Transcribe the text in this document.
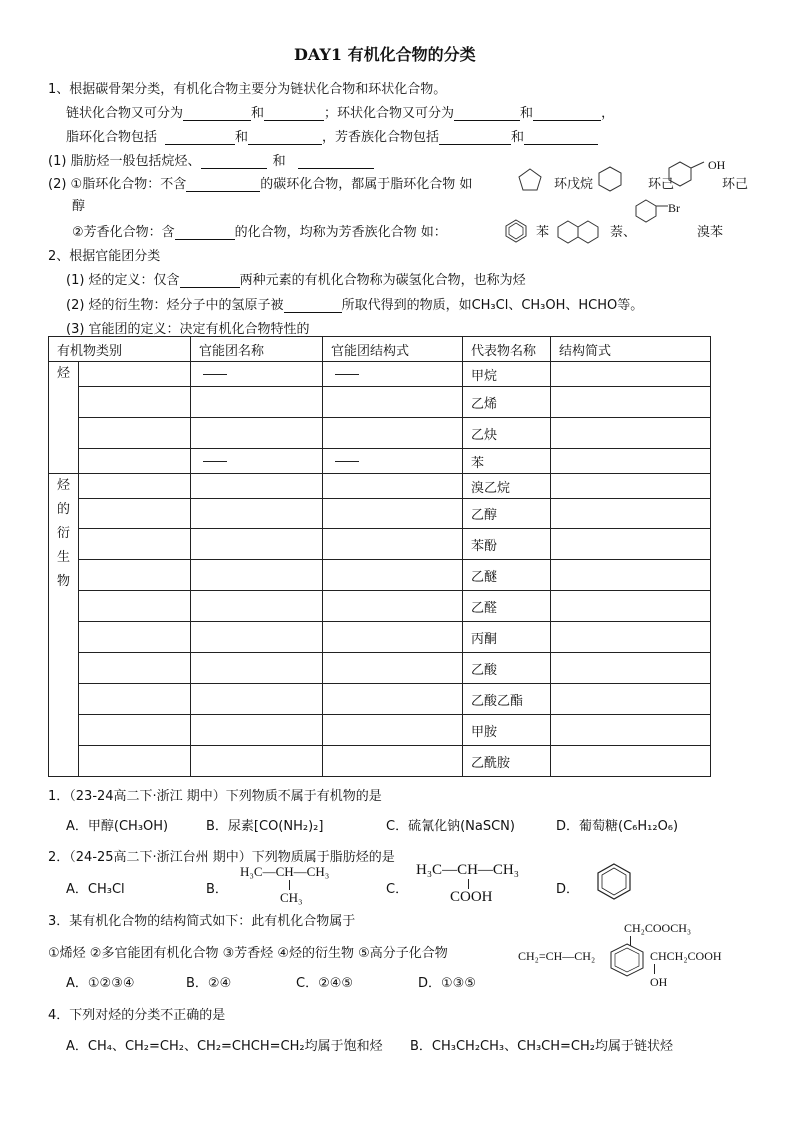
DAY1 有机化合物的分类
1、根据碳骨架分类，有机化合物主要分为链状化合物和环状化合物。
链状化合物又可分为	和	；环状化合物又可分为	和	，
脂环化合物包括	和	，芳香族化合物包括	和
(1) 脂肪烃一般包括烷烃、	和
(2) ①脂环化合物：不含	的碳环化合物，都属于脂环化合物 如	环戊烷	环己
OH
环己
醇
②芳香化合物：含	的化合物，均称为芳香族化合物 如：	苯	萘、
Br
溴苯
2、根据官能团分类
(1) 烃的定义：仅含	两种元素的有机化合物称为碳氢化合物，也称为烃
(2) 烃的衍生物：烃分子中的氢原子被	所取代得到的物质，如CH₃Cl、CH₃OH、HCHO等。
(3) 官能团的定义：决定有机化合物特性的
有机物类别		官能团名称	官能团结构式	代表物名称	结构简式
烃				甲烷	
				乙烯	
				乙炔	
				苯	

烃的衍生物				溴乙烷	
				乙醇	
				苯酚	
				乙醚	
				乙醛	
				丙酮	
				乙酸	
				乙酸乙酯	
				甲胺	
				乙酰胺	
1．（23-24高二下·浙江 期中）下列物质不属于有机物的是
A．甲醇(CH₃OH)	B．尿素[CO(NH₂)₂]	C．硫氰化钠(NaSCN)	D．葡萄糖(C₆H₁₂O₆)
2．（24-25高二下·浙江台州 期中）下列物质属于脂肪烃的是
A．CH₃Cl	B．
H₃C—CH—CH₃
CH₃
C．
H₃C—CH—CH₃
COOH	D．
3．某有机化合物的结构简式如下：此有机化合物属于
①烯烃 ②多官能团有机化合物 ③芳香烃 ④烃的衍生物 ⑤高分子化合物
A．①②③④	B．②④	C．②④⑤	D．①③⑤
CH₂COOCH₃
CH₂=CH—CH₂	CHCH₂COOH
OH
4．下列对烃的分类不正确的是
A．CH₄、CH₂=CH₂、CH₂=CHCH=CH₂均属于饱和烃 B．CH₃CH₂CH₃、CH₃CH=CH₂均属于链状烃
